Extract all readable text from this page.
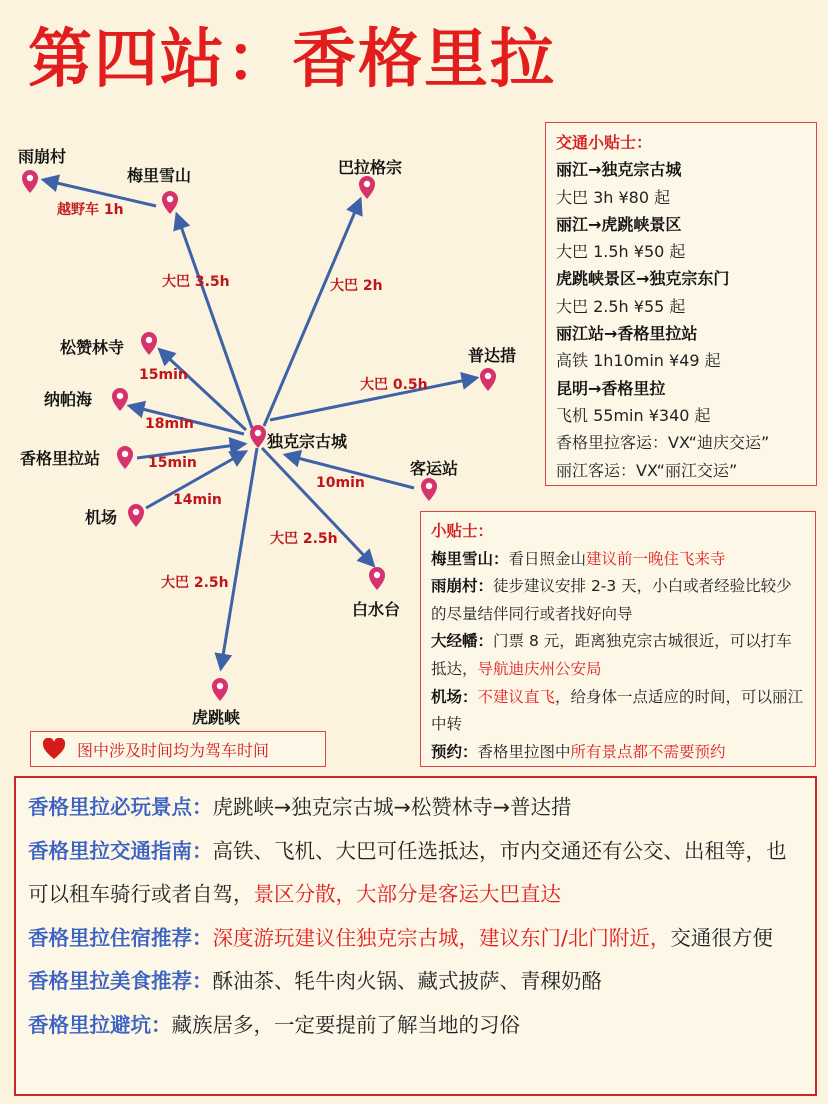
第四站：香格里拉
雨崩村
梅里雪山	巴拉格宗
松赞林寺	普达措
纳帕海
独克宗古城
香格里拉站
客运站
机场
白水台
虎跳峡
越野车 1h
大巴 3.5h	大巴 2h
大巴 0.5h
15min
18min
15min
14min
10min
大巴 2.5h
大巴 2.5h
交通小贴士：
丽江→独克宗古城
大巴 3h ¥80 起
丽江→虎跳峡景区
大巴 1.5h ¥50 起
虎跳峡景区→独克宗东门
大巴 2.5h ¥55 起
丽江站→香格里拉站
高铁 1h10min ¥49 起
昆明→香格里拉
飞机 55min ¥340 起
香格里拉客运：VX“迪庆交运”
丽江客运：VX“丽江交运”
小贴士：
梅里雪山：看日照金山建议前一晚住飞来寺
雨崩村：徒步建议安排 2-3 天，小白或者经验比较少的尽量结伴同行或者找好向导
大经幡：门票 8 元，距离独克宗古城很近，可以打车抵达，导航迪庆州公安局
机场：不建议直飞，给身体一点适应的时间，可以丽江中转
预约：香格里拉图中所有景点都不需要预约
图中涉及时间均为驾车时间
香格里拉必玩景点：虎跳峡→独克宗古城→松赞林寺→普达措
香格里拉交通指南：高铁、飞机、大巴可任选抵达，市内交通还有公交、出租等，也可以租车骑行或者自驾，景区分散，大部分是客运大巴直达
香格里拉住宿推荐：深度游玩建议住独克宗古城，建议东门/北门附近，交通很方便
香格里拉美食推荐：酥油茶、牦牛肉火锅、藏式披萨、青稞奶酪
香格里拉避坑：藏族居多，一定要提前了解当地的习俗
